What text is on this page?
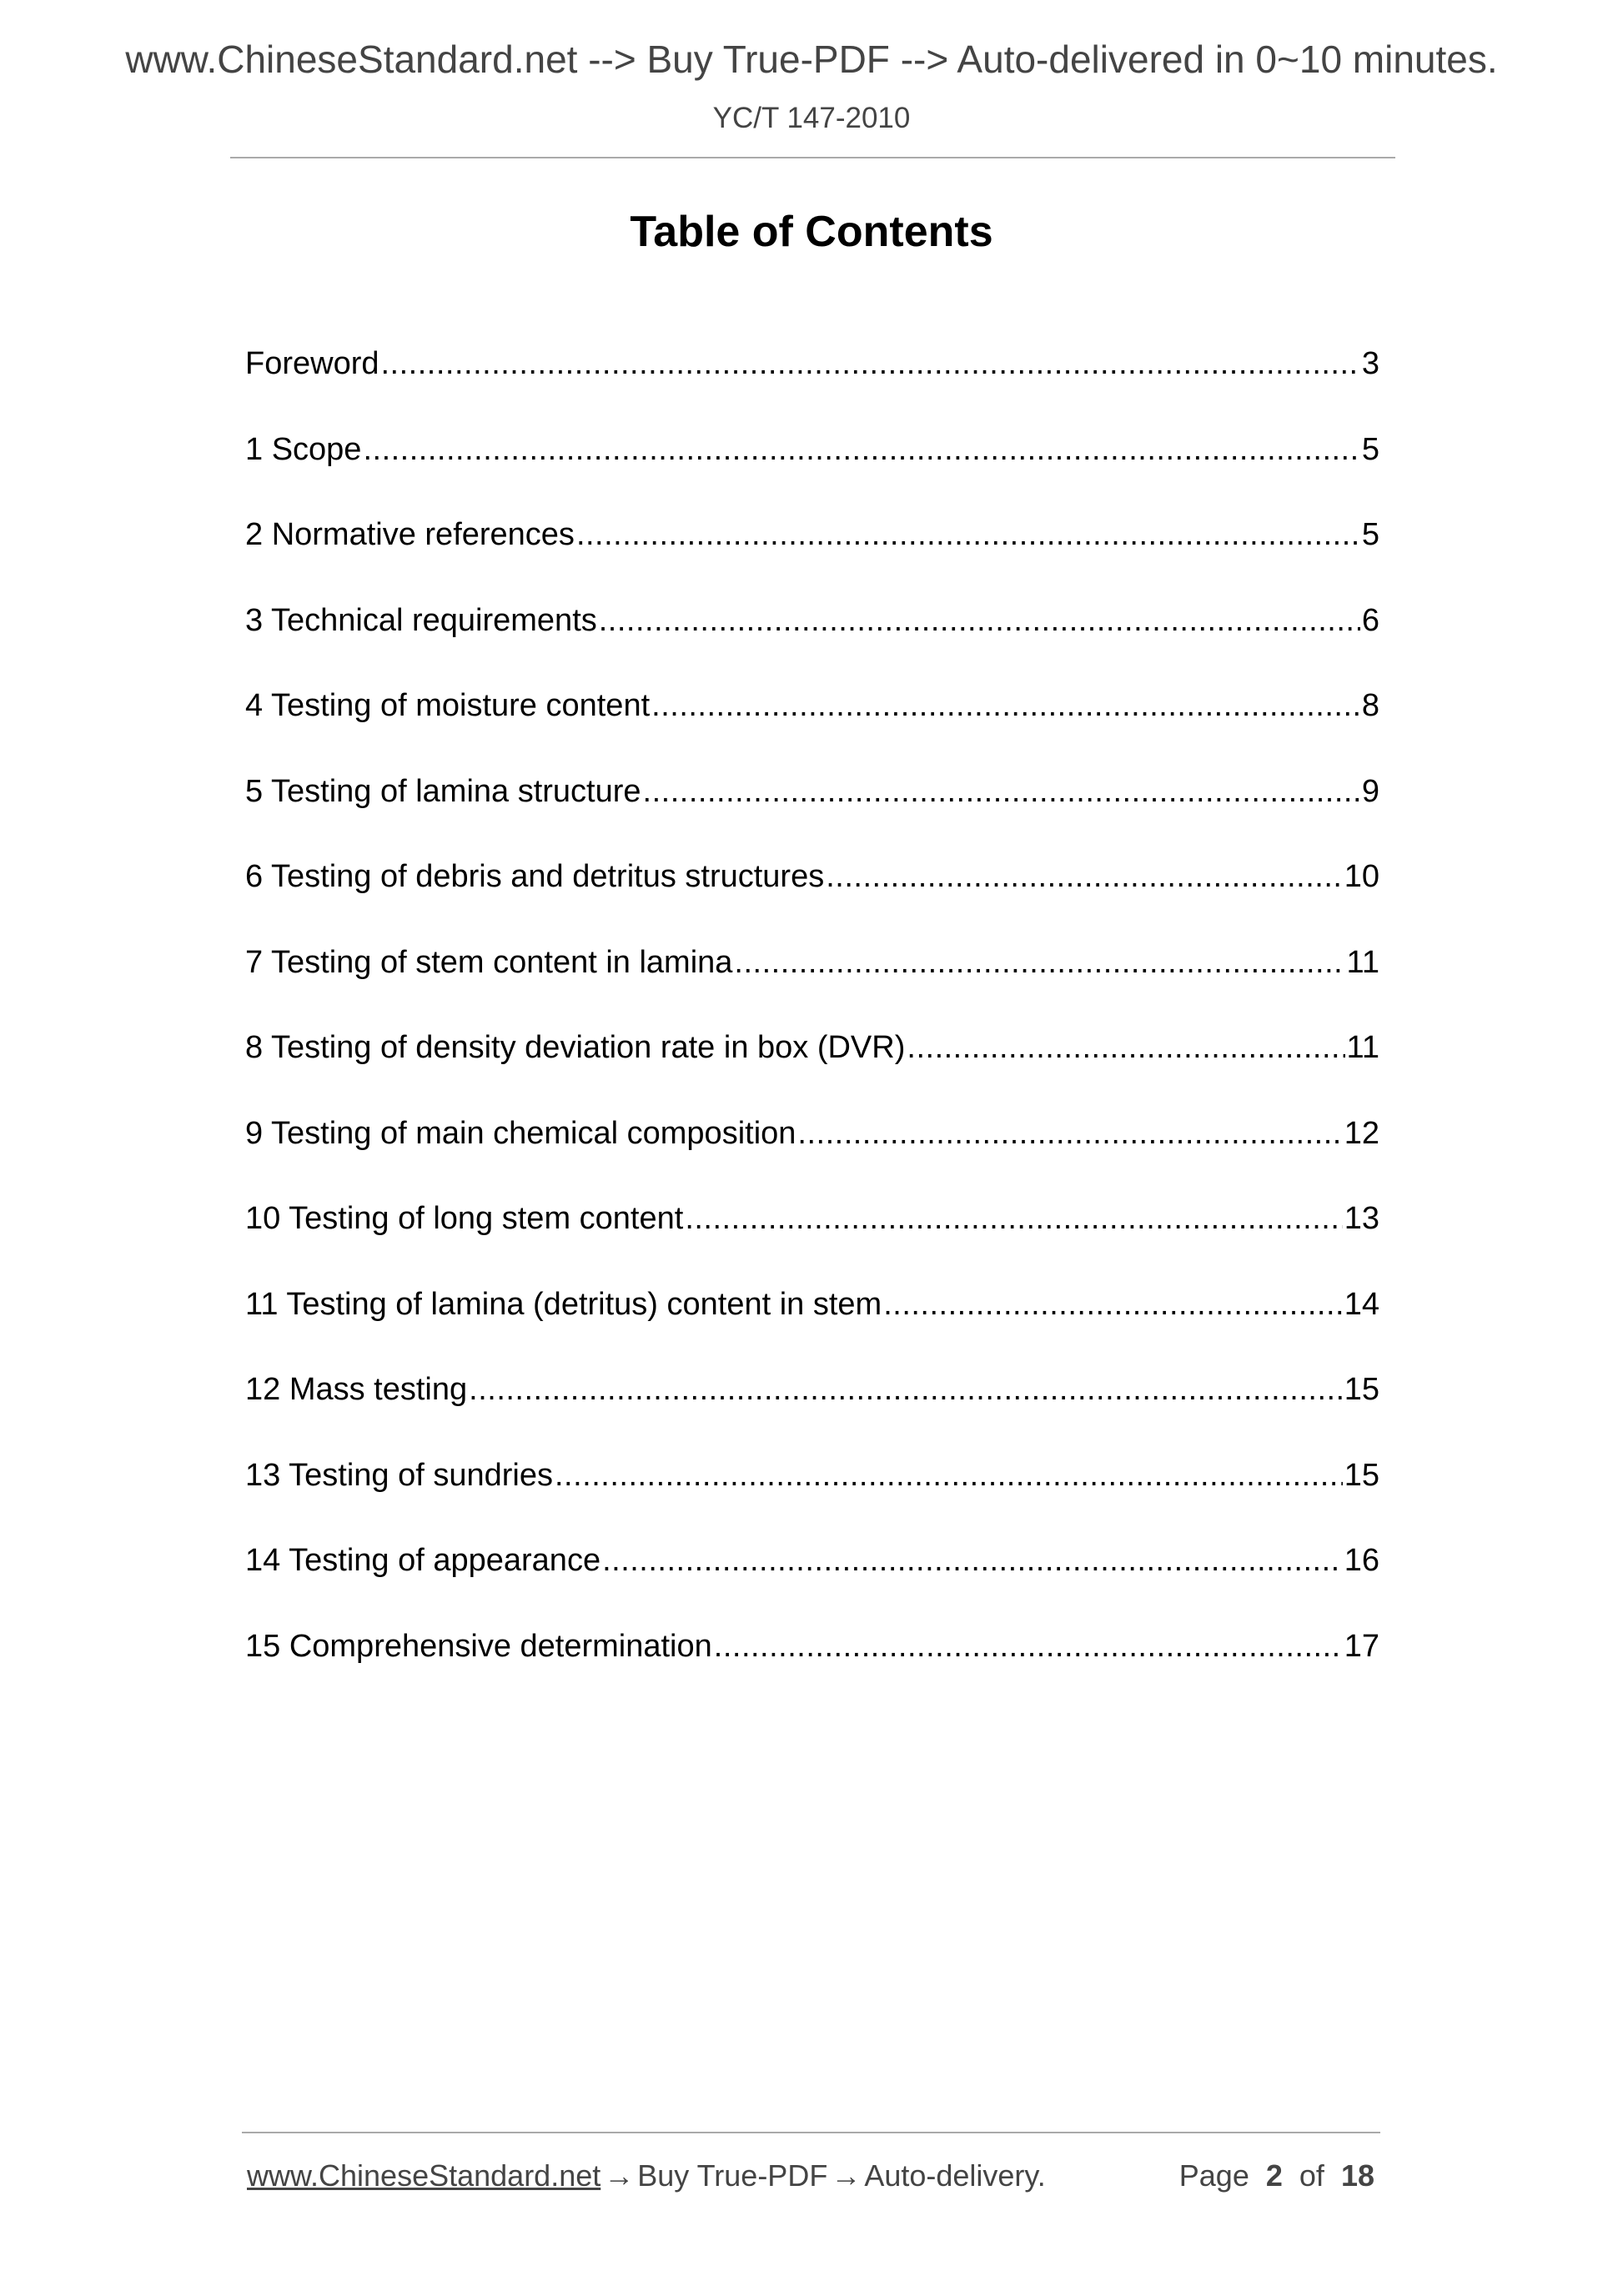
www.ChineseStandard.net --> Buy True-PDF --> Auto-delivered in 0~10 minutes.
YC/T 147-2010
Table of Contents
Foreword .....	3
1 Scope .....	5
2 Normative references .....	5
3 Technical requirements .....	6
4 Testing of moisture content .....	8
5 Testing of lamina structure .....	9
6 Testing of debris and detritus structures .....	10
7 Testing of stem content in lamina .....	11
8 Testing of density deviation rate in box (DVR) .....	11
9 Testing of main chemical composition .....	12
10 Testing of long stem content .....	13
11 Testing of lamina (detritus) content in stem .....	14
12 Mass testing .....	15
13 Testing of sundries .....	15
14 Testing of appearance .....	16
15 Comprehensive determination .....	17
www.ChineseStandard.net → Buy True-PDF → Auto-delivery.	Page 2 of 18
